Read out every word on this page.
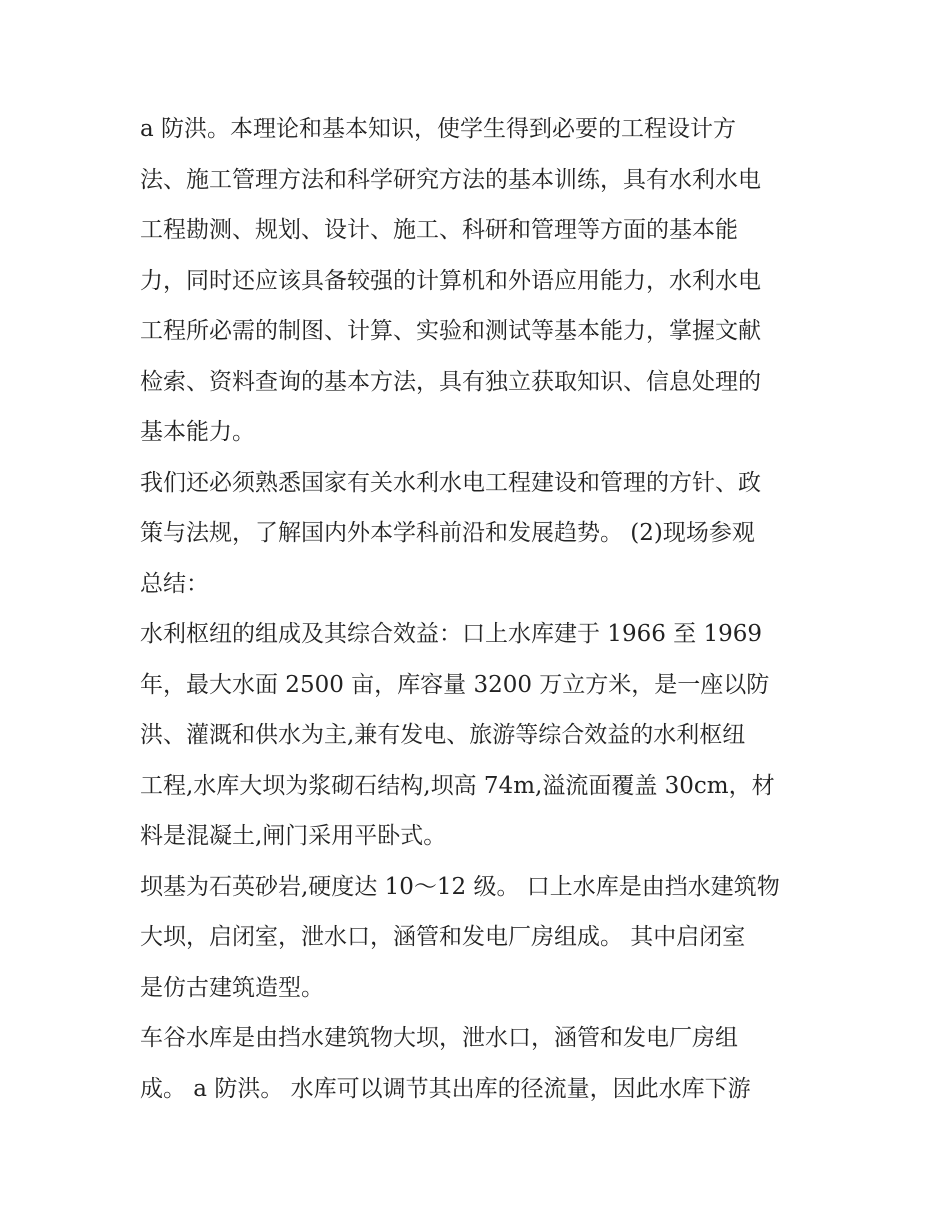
a 防洪。本理论和基本知识，使学生得到必要的工程设计方
法、施工管理方法和科学研究方法的基本训练，具有水利水电
工程勘测、规划、设计、施工、科研和管理等方面的基本能
力，同时还应该具备较强的计算机和外语应用能力，水利水电
工程所必需的制图、计算、实验和测试等基本能力，掌握文献
检索、资料查询的基本方法，具有独立获取知识、信息处理的
基本能力。
我们还必须熟悉国家有关水利水电工程建设和管理的方针、政
策与法规，了解国内外本学科前沿和发展趋势。 (2)现场参观
总结：
水利枢纽的组成及其综合效益：口上水库建于 1966 至 1969
年，最大水面 2500 亩，库容量 3200 万立方米，是一座以防
洪、灌溉和供水为主,兼有发电、旅游等综合效益的水利枢纽
工程,水库大坝为浆砌石结构,坝高 74m,溢流面覆盖 30cm，材
料是混凝土,闸门采用平卧式。
坝基为石英砂岩,硬度达 10～12 级。 口上水库是由挡水建筑物
大坝，启闭室，泄水口，涵管和发电厂房组成。 其中启闭室
是仿古建筑造型。
车谷水库是由挡水建筑物大坝，泄水口，涵管和发电厂房组
成。 a 防洪。 水库可以调节其出库的径流量，因此水库下游
